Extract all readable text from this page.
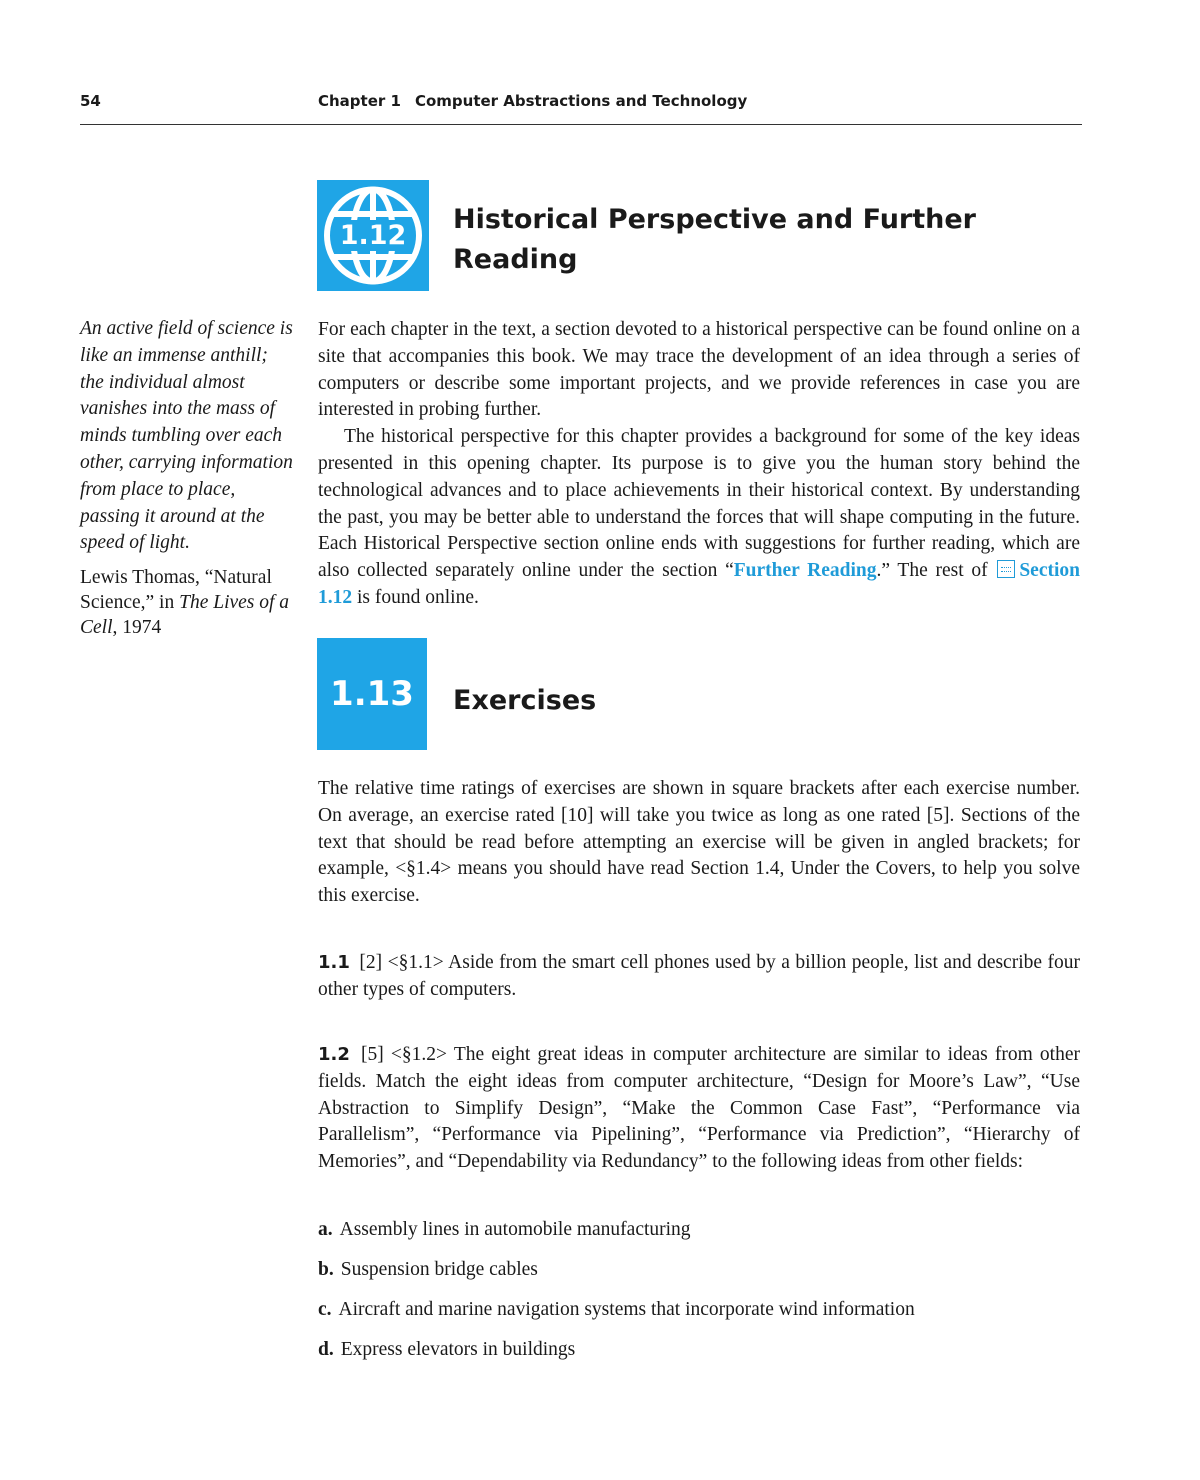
54	Chapter 1 Computer Abstractions and Technology

An active field of science is like an immense anthill; the individual almost vanishes into the mass of minds tumbling over each other, carrying information from place to place, passing it around at the speed of light.

Lewis Thomas, “Natural Science,” in The Lives of a Cell, 1974

1.12
Historical Perspective and Further Reading

For each chapter in the text, a section devoted to a historical perspective can be found online on a site that accompanies this book. We may trace the development of an idea through a series of computers or describe some important projects, and we provide references in case you are interested in probing further.

The historical perspective for this chapter provides a background for some of the key ideas presented in this opening chapter. Its purpose is to give you the human story behind the technological advances and to place achievements in their historical context. By understanding the past, you may be better able to understand the forces that will shape computing in the future. Each Historical Perspective section online ends with suggestions for further reading, which are also collected separately online under the section “Further Reading.” The rest of Section 1.12 is found online.

1.13 Exercises

The relative time ratings of exercises are shown in square brackets after each exercise number. On average, an exercise rated [10] will take you twice as long as one rated [5]. Sections of the text that should be read before attempting an exercise will be given in angled brackets; for example, <§1.4> means you should have read Section 1.4, Under the Covers, to help you solve this exercise.

1.1 [2] <§1.1> Aside from the smart cell phones used by a billion people, list and describe four other types of computers.

1.2 [5] <§1.2> The eight great ideas in computer architecture are similar to ideas from other fields. Match the eight ideas from computer architecture, “Design for Moore’s Law”, “Use Abstraction to Simplify Design”, “Make the Common Case Fast”, “Performance via Parallelism”, “Performance via Pipelining”, “Performance via Prediction”, “Hierarchy of Memories”, and “Dependability via Redundancy” to the following ideas from other fields:

a. Assembly lines in automobile manufacturing
b. Suspension bridge cables
c. Aircraft and marine navigation systems that incorporate wind information
d. Express elevators in buildings
